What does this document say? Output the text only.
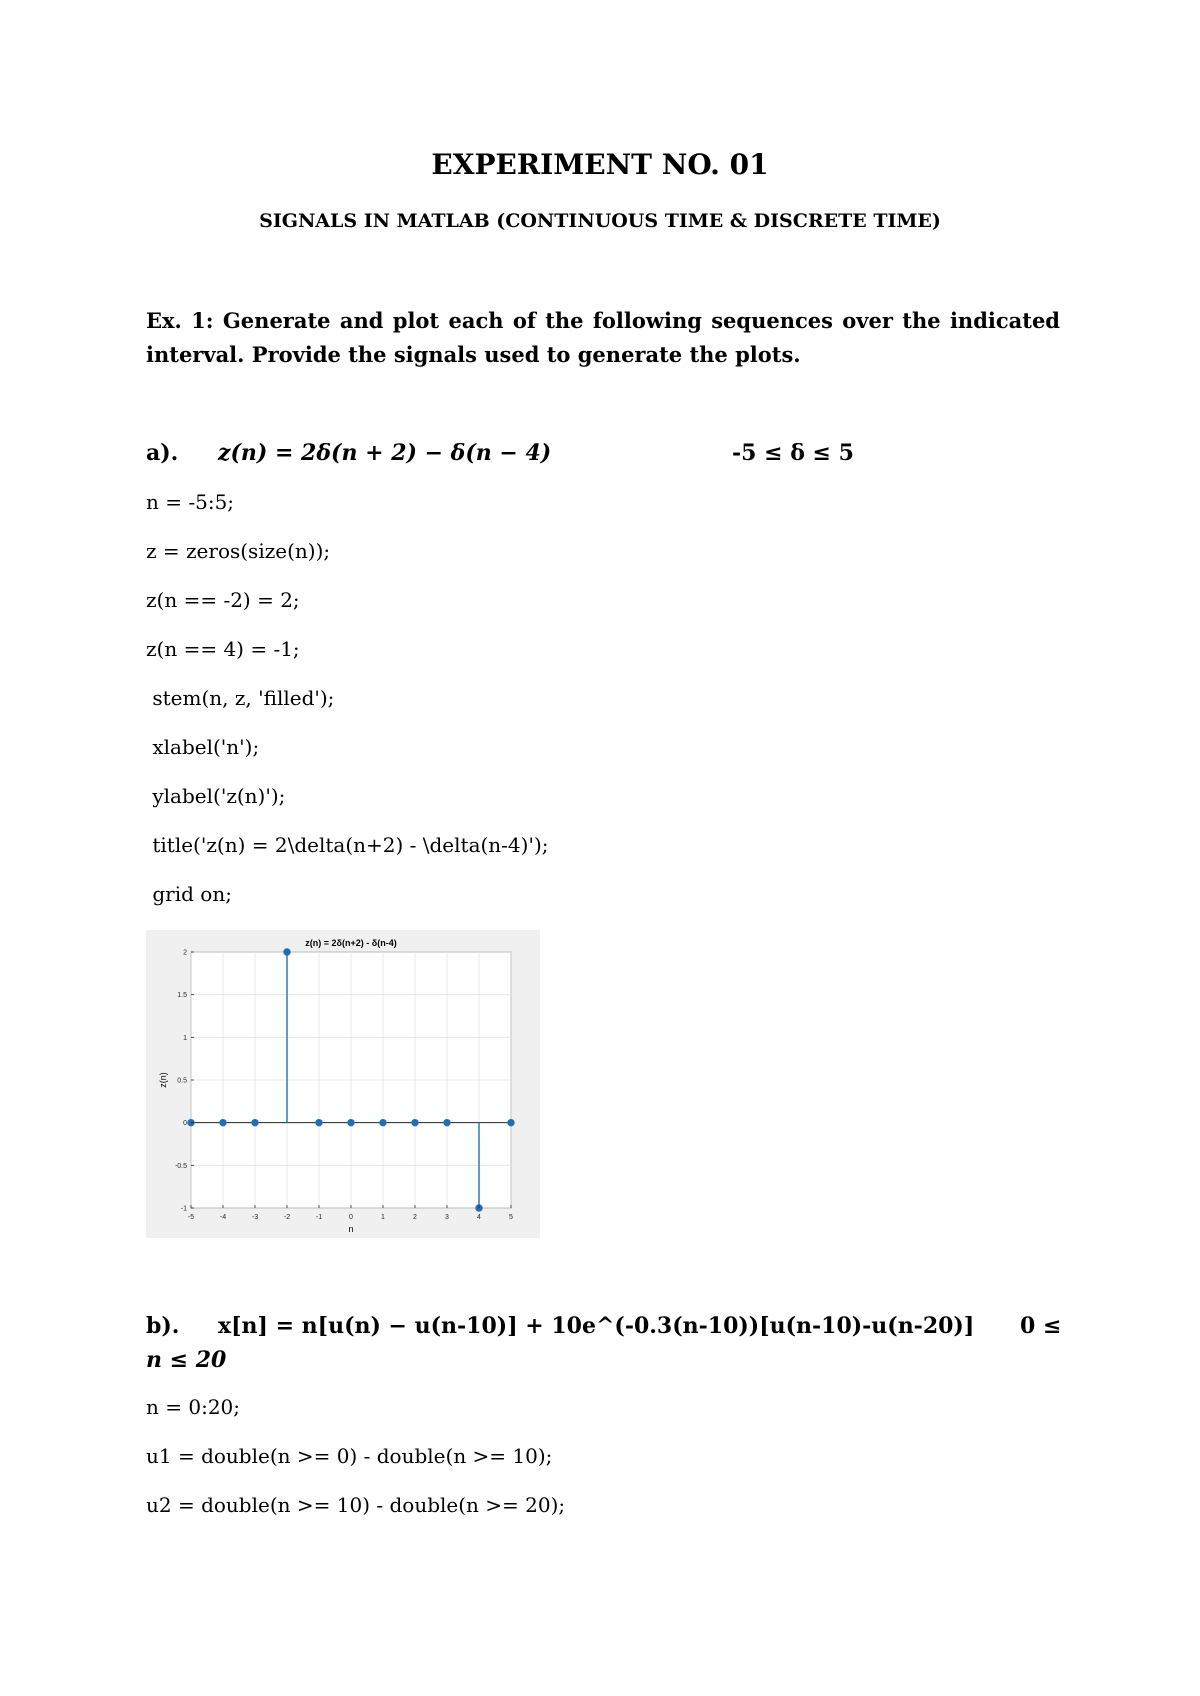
EXPERIMENT NO. 01
SIGNALS IN MATLAB (CONTINUOUS TIME & DISCRETE TIME)
Ex. 1: Generate and plot each of the following sequences over the indicated interval. Provide the signals used to generate the plots.
a). z(n) = 2δ(n + 2) − δ(n − 4)	-5 ≤ δ ≤ 5
n = -5:5;
z = zeros(size(n));
z(n == -2) = 2;
z(n == 4) = -1;
stem(n, z, 'filled');
xlabel('n');
ylabel('z(n)');
title('z(n) = 2\delta(n+2) - \delta(n-4)');
grid on;
-5	-4	-3	-2	-1	0	1	2	3	4	5
-1
-0.5
0
0.5
1
1.5
2
z(n) = 2δ(n+2) - δ(n-4)
n
z(n)
b). x[n] = n[u(n) − u(n-10)] + 10e^(-0.3(n-10))[u(n-10)-u(n-20)] 0 ≤
n ≤ 20
n = 0:20;
u1 = double(n >= 0) - double(n >= 10);
u2 = double(n >= 10) - double(n >= 20);
